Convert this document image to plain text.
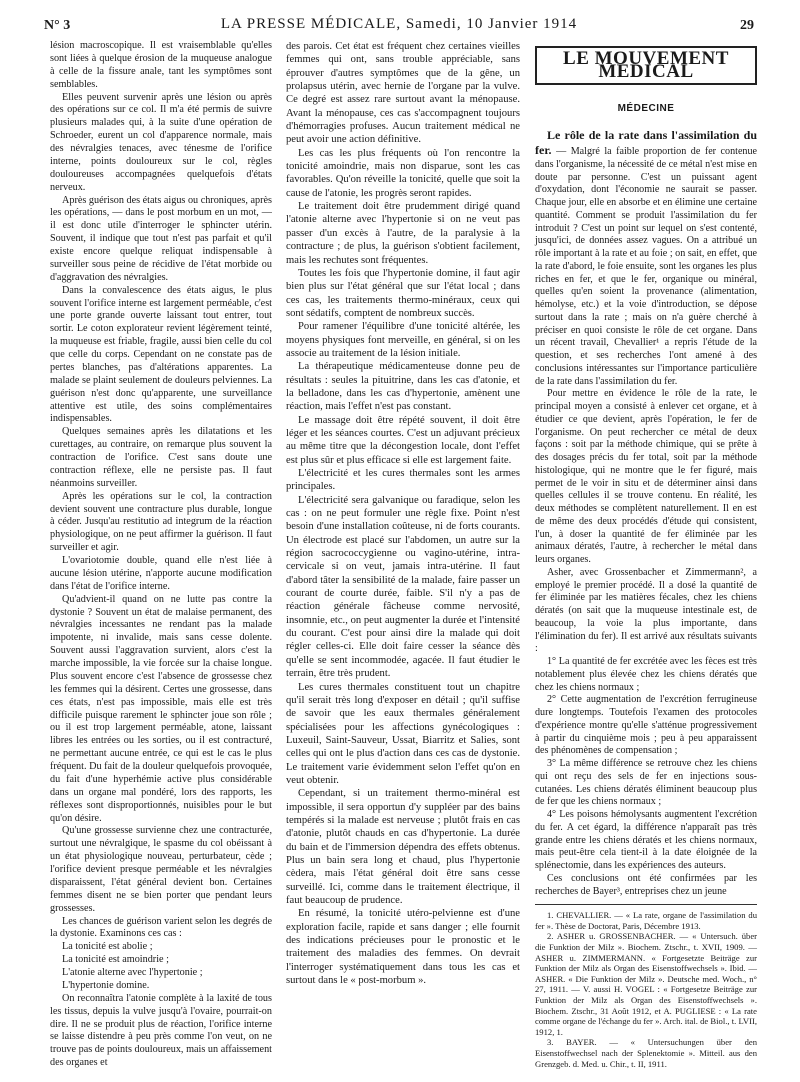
N° 3	LA PRESSE MÉDICALE, Samedi, 10 Janvier 1914	29

lésion macroscopique. Il est vraisemblable qu'elles sont liées à quelque érosion de la muqueuse analogue à celle de la fissure anale, tant les symptômes sont semblables.

Elles peuvent survenir après une lésion ou après des opérations sur ce col. Il m'a été permis de suivre plusieurs malades qui, à la suite d'une opération de Schroeder, eurent un col d'apparence normale, mais des névralgies tenaces, avec ténesme de l'orifice interne, points douloureux sur le col, règles douloureuses accompagnées quelquefois d'états nerveux.

Après guérison des états aigus ou chroniques, après les opérations, — dans le post morbum en un mot, — il est donc utile d'interroger le sphincter utérin. Souvent, il indique que tout n'est pas parfait et qu'il existe encore quelque reliquat indispensable à surveiller sous peine de récidive de l'état morbide ou d'aggravation des névralgies.

Dans la convalescence des états aigus, le plus souvent l'orifice interne est largement perméable, c'est une porte grande ouverte laissant tout entrer, tout sortir. Le coton explorateur revient légèrement teinté, la muqueuse est friable, fragile, aussi bien celle du col que celle du corps. Cependant on ne constate pas de pertes blanches, pas d'altérations apparentes. La malade se plaint seulement de douleurs pelviennes. La guérison n'est donc qu'apparente, une surveillance attentive est utile, des soins complémentaires indispensables.

Quelques semaines après les dilatations et les curettages, au contraire, on remarque plus souvent la contraction de l'orifice. C'est sans doute une contraction réflexe, elle ne persiste pas. Il faut néanmoins surveiller.

Après les opérations sur le col, la contraction devient souvent une contracture plus durable, longue à céder. Jusqu'au restitutio ad integrum de la réaction physiologique, on ne peut affirmer la guérison. Il faut surveiller et agir.

L'ovariotomie double, quand elle n'est liée à aucune lésion utérine, n'apporte aucune modification dans l'état de l'orifice interne.

Qu'advient-il quand on ne lutte pas contre la dystonie ? Souvent un état de malaise permanent, des névralgies incessantes ne rendant pas la malade impotente, ni invalide, mais sans cesse dolente. Souvent aussi l'aggravation survient, alors c'est la marche impossible, la vie forcée sur la chaise longue. Plus souvent encore c'est l'absence de grossesse chez les femmes qui la désirent. Certes une grossesse, dans ces états, n'est pas impossible, mais elle est très difficile puisque rarement le sphincter joue son rôle ; ou il est trop largement perméable, atone, laissant libres les entrées ou les sorties, ou il est contracturé, ne permettant aucune entrée, ce qui est le cas le plus fréquent. Du fait de la douleur quelquefois provoquée, du fait d'une hyperhémie active plus considérable dans un organe mal pondéré, lors des rapports, les réflexes sont disproportionnés, nuisibles pour le but qu'on désire.

Qu'une grossesse survienne chez une contracturée, surtout une névralgique, le spasme du col obéissant à un état physiologique nouveau, perturbateur, cède ; l'orifice devient presque perméable et les névralgies disparaissent, l'état général devient bon. Certaines femmes disent ne se bien porter que pendant leurs grossesses.

Les chances de guérison varient selon les degrés de la dystonie. Examinons ces cas :

La tonicité est abolie ;

La tonicité est amoindrie ;

L'atonie alterne avec l'hypertonie ;

L'hypertonie domine.

On reconnaîtra l'atonie complète à la laxité de tous les tissus, depuis la vulve jusqu'à l'ovaire, pourrait-on dire. Il ne se produit plus de réaction, l'orifice interne se laisse distendre à peu près comme l'on veut, on ne trouve pas de points douloureux, mais un affaissement des organes et

des parois. Cet état est fréquent chez certaines vieilles femmes qui ont, sans trouble appréciable, sans éprouver d'autres symptômes que de la gêne, un prolapsus utérin, avec hernie de l'organe par la vulve. Ce degré est assez rare surtout avant la ménopause. Avant la ménopause, ces cas s'accompagnent toujours d'hémorragies profuses. Aucun traitement médical ne peut avoir une action définitive.

Les cas les plus fréquents où l'on rencontre la tonicité amoindrie, mais non disparue, sont les cas favorables. Qu'on réveille la tonicité, quelle que soit la cause de l'atonie, les progrès seront rapides.

Le traitement doit être prudemment dirigé quand l'atonie alterne avec l'hypertonie si on ne veut pas passer d'un excès à l'autre, de la paralysie à la contracture ; de plus, la guérison s'obtient facilement, mais les rechutes sont fréquentes.

Toutes les fois que l'hypertonie domine, il faut agir bien plus sur l'état général que sur l'état local ; dans ces cas, les traitements thermo-minéraux, ceux qui sont sédatifs, comptent de nombreux succès.

Pour ramener l'équilibre d'une tonicité altérée, les moyens physiques font merveille, en général, si on les associe au traitement de la lésion initiale.

La thérapeutique médicamenteuse donne peu de résultats : seules la pituitrine, dans les cas d'atonie, et la belladone, dans les cas d'hypertonie, amènent une réaction, mais l'effet n'est pas constant.

Le massage doit être répété souvent, il doit être léger et les séances courtes. C'est un adjuvant précieux au même titre que la décongestion locale, dont l'effet est plus sûr et plus efficace si elle est largement faite.

L'électricité et les cures thermales sont les armes principales.

L'électricité sera galvanique ou faradique, selon les cas : on ne peut formuler une règle fixe. Point n'est besoin d'une installation coûteuse, ni de forts courants. Un électrode est placé sur l'abdomen, un autre sur la région sacrococcygienne ou vagino-utérine, intra-cervicale si on veut, jamais intra-utérine. Il faut d'abord tâter la sensibilité de la malade, faire passer un courant de courte durée, faible. S'il n'y a pas de réaction générale fâcheuse comme nervosité, insomnie, etc., on peut augmenter la durée et l'intensité du courant. C'est pour ainsi dire la malade qui doit régler celles-ci. Elle doit faire cesser la séance dès qu'elle se sent incommodée, agacée. Il faut étudier le terrain, être très prudent.

Les cures thermales constituent tout un chapitre qu'il serait très long d'exposer en détail ; qu'il suffise de savoir que les eaux thermales généralement spécialisées pour les affections gynécologiques : Luxeuil, Saint-Sauveur, Ussat, Biarritz et Salies, sont celles qui ont le plus d'action dans ces cas de dystonie. Le traitement varie évidemment selon l'effet qu'on en veut obtenir.

Cependant, si un traitement thermo-minéral est impossible, il sera opportun d'y suppléer par des bains tempérés si la malade est nerveuse ; plutôt frais en cas d'atonie, plutôt chauds en cas d'hypertonie. La durée du bain et de l'immersion dépendra des effets obtenus. Plus un bain sera long et chaud, plus l'hypertonie cèdera, mais l'état général doit être sans cesse surveillé. Ici, comme dans le traitement électrique, il faut beaucoup de prudence.

En résumé, la tonicité utéro-pelvienne est d'une exploration facile, rapide et sans danger ; elle fournit des indications précieuses pour le pronostic et le traitement des maladies des femmes. On devrait l'interroger systématiquement dans tous les cas et surtout dans le « post-morbum ».

LE MOUVEMENT MÉDICAL
MÉDECINE

Le rôle de la rate dans l'assimilation du fer. — Malgré la faible proportion de fer contenue dans l'organisme, la nécessité de ce métal n'est mise en doute par personne. C'est un puissant agent d'oxydation, dont l'économie ne saurait se passer. Chaque jour, elle en absorbe et en élimine une certaine quantité. Comment se produit l'assimilation du fer introduit ? C'est un point sur lequel on s'est contenté, jusqu'ici, de données assez vagues. On a attribué un rôle important à la rate et au foie ; on sait, en effet, que la rate d'abord, le foie ensuite, sont les organes les plus riches en fer, et que le fer, organique ou minéral, quelles qu'en soient la provenance (alimentation, hémolyse, etc.) et la voie d'introduction, se dépose surtout dans la rate ; mais on n'a guère cherché à préciser en quoi consiste le rôle de cet organe. Dans un récent travail, Chevallier¹ a repris l'étude de la question, et ses recherches l'ont amené à des conclusions intéressantes sur l'importance particulière de la rate dans l'assimilation du fer.

Pour mettre en évidence le rôle de la rate, le principal moyen a consisté à enlever cet organe, et à étudier ce que devient, après l'opération, le fer de l'organisme. On peut rechercher ce métal de deux façons : soit par la méthode chimique, qui se prête à des dosages précis du fer total, soit par la méthode histologique, qui ne montre que le fer figuré, mais permet de le voir in situ et de déterminer ainsi dans quelles cellules il se trouve contenu. En réalité, les deux méthodes se complètent naturellement. Il en est de même des deux procédés d'étude qui consistent, l'un, à doser la quantité de fer éliminée par les animaux dératés, l'autre, à rechercher le métal dans leurs organes.

Asher, avec Grossenbacher et Zimmermann², a employé le premier procédé. Il a dosé la quantité de fer éliminée par les matières fécales, chez les chiens dératés (on sait que la muqueuse intestinale est, de beaucoup, la voie la plus importante, dans l'élimination du fer). Il est arrivé aux résultats suivants :

1° La quantité de fer excrétée avec les fèces est très notablement plus élevée chez les chiens dératés que chez les chiens normaux ;

2° Cette augmentation de l'excrétion ferrugineuse dure longtemps. Toutefois l'examen des protocoles d'expérience montre qu'elle s'atténue progressivement à partir du cinquième mois ; peu à peu apparaissent des phénomènes de compensation ;

3° La même différence se retrouve chez les chiens qui ont reçu des sels de fer en injections sous-cutanées. Les chiens dératés éliminent beaucoup plus de fer que les chiens normaux ;

4° Les poisons hémolysants augmentent l'excrétion du fer. A cet égard, la différence n'apparaît pas très grande entre les chiens dératés et les chiens normaux, mais peut-être cela tient-il à la date éloignée de la splénectomie, dans les expériences des auteurs.

Ces conclusions ont été confirmées par les recherches de Bayer³, entreprises chez un jeune

1. CHEVALLIER. — « La rate, organe de l'assimilation du fer ». Thèse de Doctorat, Paris, Décembre 1913.

2. ASHER u. GROSSENBACHER. — « Untersuch. über die Funktion der Milz ». Biochem. Ztschr., t. XVII, 1909. — ASHER u. ZIMMERMANN. « Fortgesetzte Beiträge zur Funktion der Milz als Organ des Eisenstoffwechsels ». Ibid. — ASHER. « Die Funktion der Milz ». Deutsche med. Woch., n° 27, 1911. — V. aussi H. VOGEL : « Fortgesetze Beiträge zur Funktion der Milz als Organ des Eisenstoffwechsels ». Biochem. Ztschr., 31 Août 1912, et A. PUGLIESE : « La rate comme organe de l'échange du fer ». Arch. ital. de Biol., t. LVII, 1912, 1.

3. BAYER. — « Untersuchungen über den Eisenstoffwechsel nach der Splenektomie ». Mitteil. aus den Grenzgeb. d. Med. u. Chir., t. II, 1911.
